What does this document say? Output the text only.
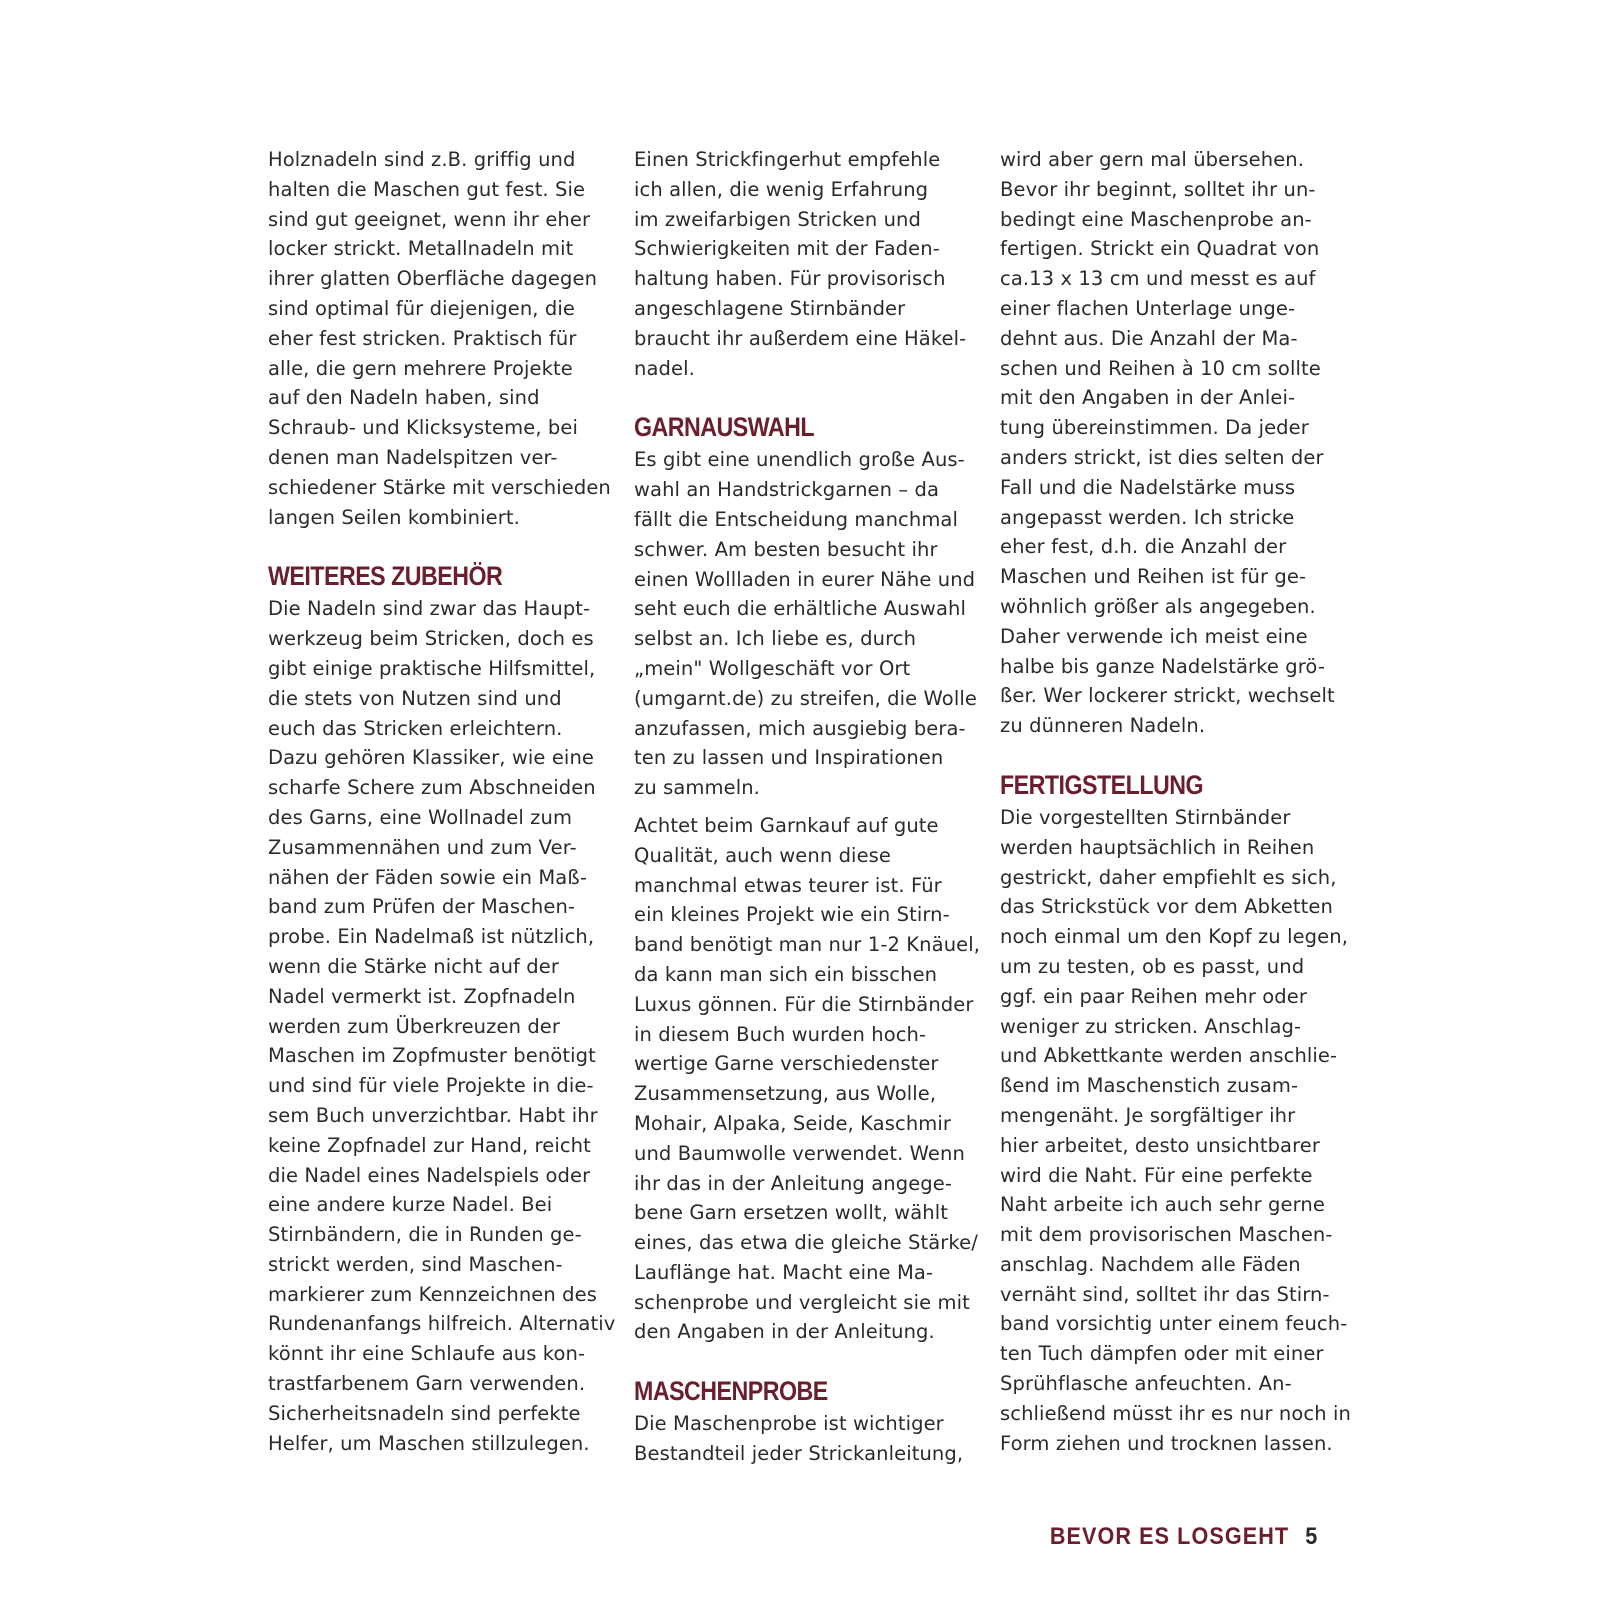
Holznadeln sind z.B. griffig und
halten die Maschen gut fest. Sie
sind gut geeignet, wenn ihr eher
locker strickt. Metallnadeln mit
ihrer glatten Oberfläche dagegen
sind optimal für diejenigen, die
eher fest stricken. Praktisch für
alle, die gern mehrere Projekte
auf den Nadeln haben, sind
Schraub- und Klicksysteme, bei
denen man Nadelspitzen ver-
schiedener Stärke mit verschieden
langen Seilen kombiniert.
WEITERES ZUBEHÖR
Die Nadeln sind zwar das Haupt-
werkzeug beim Stricken, doch es
gibt einige praktische Hilfsmittel,
die stets von Nutzen sind und
euch das Stricken erleichtern.
Dazu gehören Klassiker, wie eine
scharfe Schere zum Abschneiden
des Garns, eine Wollnadel zum
Zusammennähen und zum Ver-
nähen der Fäden sowie ein Maß-
band zum Prüfen der Maschen-
probe. Ein Nadelmaß ist nützlich,
wenn die Stärke nicht auf der
Nadel vermerkt ist. Zopfnadeln
werden zum Überkreuzen der
Maschen im Zopfmuster benötigt
und sind für viele Projekte in die-
sem Buch unverzichtbar. Habt ihr
keine Zopfnadel zur Hand, reicht
die Nadel eines Nadelspiels oder
eine andere kurze Nadel. Bei
Stirnbändern, die in Runden ge-
strickt werden, sind Maschen-
markierer zum Kennzeichnen des
Rundenanfangs hilfreich. Alternativ
könnt ihr eine Schlaufe aus kon-
trastfarbenem Garn verwenden.
Sicherheitsnadeln sind perfekte
Helfer, um Maschen stillzulegen.
Einen Strickfingerhut empfehle
ich allen, die wenig Erfahrung
im zweifarbigen Stricken und
Schwierigkeiten mit der Faden-
haltung haben. Für provisorisch
angeschlagene Stirnbänder
braucht ihr außerdem eine Häkel-
nadel.
GARNAUSWAHL
Es gibt eine unendlich große Aus-
wahl an Handstrickgarnen – da
fällt die Entscheidung manchmal
schwer. Am besten besucht ihr
einen Wollladen in eurer Nähe und
seht euch die erhältliche Auswahl
selbst an. Ich liebe es, durch
„mein" Wollgeschäft vor Ort
(umgarnt.de) zu streifen, die Wolle
anzufassen, mich ausgiebig bera-
ten zu lassen und Inspirationen
zu sammeln.
Achtet beim Garnkauf auf gute
Qualität, auch wenn diese
manchmal etwas teurer ist. Für
ein kleines Projekt wie ein Stirn-
band benötigt man nur 1-2 Knäuel,
da kann man sich ein bisschen
Luxus gönnen. Für die Stirnbänder
in diesem Buch wurden hoch-
wertige Garne verschiedenster
Zusammensetzung, aus Wolle,
Mohair, Alpaka, Seide, Kaschmir
und Baumwolle verwendet. Wenn
ihr das in der Anleitung angege-
bene Garn ersetzen wollt, wählt
eines, das etwa die gleiche Stärke/
Lauflänge hat. Macht eine Ma-
schenprobe und vergleicht sie mit
den Angaben in der Anleitung.
MASCHENPROBE
Die Maschenprobe ist wichtiger
Bestandteil jeder Strickanleitung,
wird aber gern mal übersehen.
Bevor ihr beginnt, solltet ihr un-
bedingt eine Maschenprobe an-
fertigen. Strickt ein Quadrat von
ca.13 x 13 cm und messt es auf
einer flachen Unterlage unge-
dehnt aus. Die Anzahl der Ma-
schen und Reihen à 10 cm sollte
mit den Angaben in der Anlei-
tung übereinstimmen. Da jeder
anders strickt, ist dies selten der
Fall und die Nadelstärke muss
angepasst werden. Ich stricke
eher fest, d.h. die Anzahl der
Maschen und Reihen ist für ge-
wöhnlich größer als angegeben.
Daher verwende ich meist eine
halbe bis ganze Nadelstärke grö-
ßer. Wer lockerer strickt, wechselt
zu dünneren Nadeln.
FERTIGSTELLUNG
Die vorgestellten Stirnbänder
werden hauptsächlich in Reihen
gestrickt, daher empfiehlt es sich,
das Strickstück vor dem Abketten
noch einmal um den Kopf zu legen,
um zu testen, ob es passt, und
ggf. ein paar Reihen mehr oder
weniger zu stricken. Anschlag-
und Abkettkante werden anschlie-
ßend im Maschenstich zusam-
mengenäht. Je sorgfältiger ihr
hier arbeitet, desto unsichtbarer
wird die Naht. Für eine perfekte
Naht arbeite ich auch sehr gerne
mit dem provisorischen Maschen-
anschlag. Nachdem alle Fäden
vernäht sind, solltet ihr das Stirn-
band vorsichtig unter einem feuch-
ten Tuch dämpfen oder mit einer
Sprühflasche anfeuchten. An-
schließend müsst ihr es nur noch in
Form ziehen und trocknen lassen.
BEVOR ES LOSGEHT 5
